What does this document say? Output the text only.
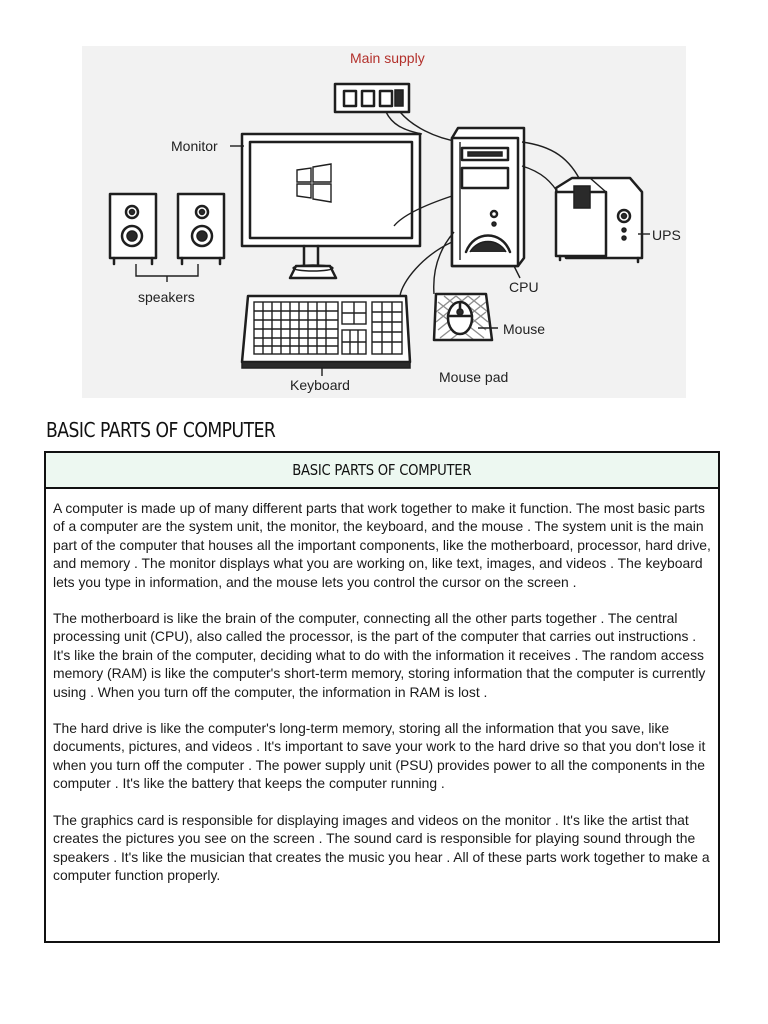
Main supply
Monitor
speakers
CPU
UPS
Keyboard
Mouse
Mouse pad
BASIC PARTS OF COMPUTER
BASIC PARTS OF COMPUTER

A computer is made up of many different parts that work together to make it function. The most basic parts of a computer are the system unit, the monitor, the keyboard, and the mouse . The system unit is the main part of the computer that houses all the important components, like the motherboard, processor, hard drive, and memory . The monitor displays what you are working on, like text, images, and videos . The keyboard lets you type in information, and the mouse lets you control the cursor on the screen .

The motherboard is like the brain of the computer, connecting all the other parts together . The central processing unit (CPU), also called the processor, is the part of the computer that carries out instructions . It's like the brain of the computer, deciding what to do with the information it receives . The random access memory (RAM) is like the computer's short-term memory, storing information that the computer is currently using . When you turn off the computer, the information in RAM is lost .

The hard drive is like the computer's long-term memory, storing all the information that you save, like documents, pictures, and videos . It's important to save your work to the hard drive so that you don't lose it when you turn off the computer . The power supply unit (PSU) provides power to all the components in the computer . It's like the battery that keeps the computer running .

The graphics card is responsible for displaying images and videos on the monitor . It's like the artist that creates the pictures you see on the screen . The sound card is responsible for playing sound through the speakers . It's like the musician that creates the music you hear . All of these parts work together to make a computer function properly.
